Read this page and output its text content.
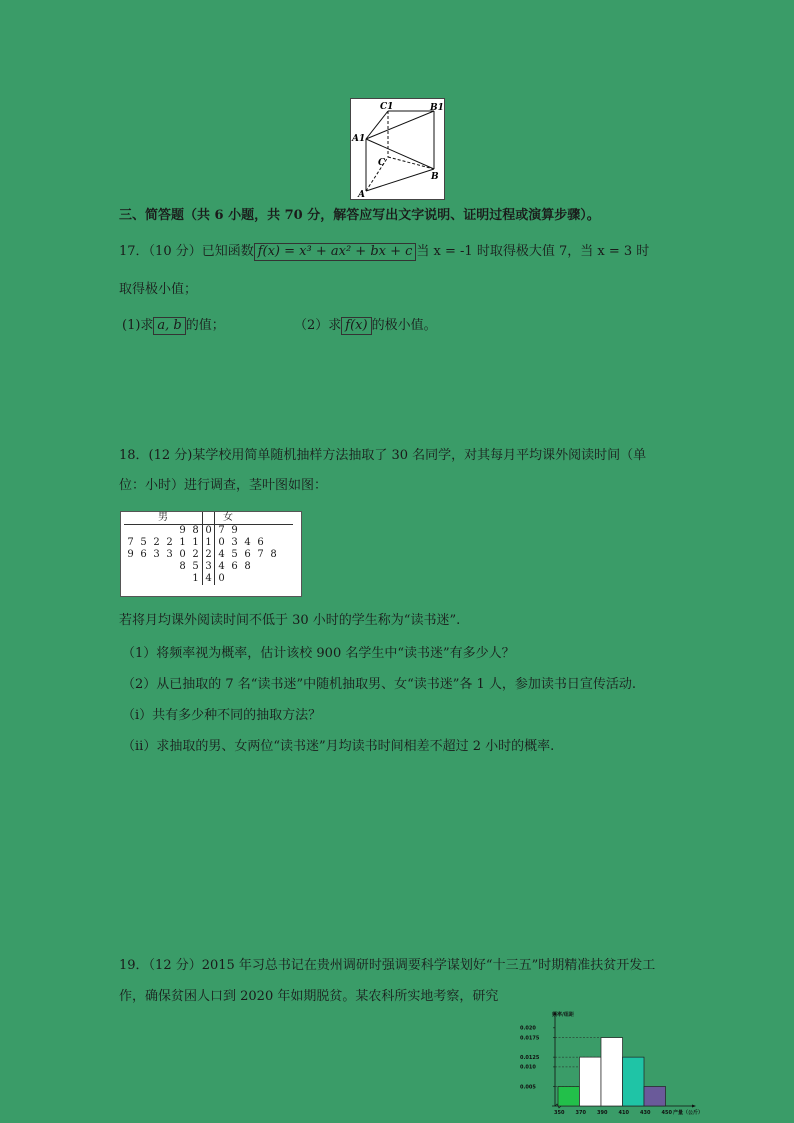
C1	B1
A1
C
B
A
三、简答题（共 6 小题，共 70 分，解答应写出文字说明、证明过程或演算步骤）。
17．（10 分）已知函数 f(x) = x³ + ax² + bx + c 当 x = -1 时取得极大值 7，当 x = 3 时
取得极小值；
(1)求 a, b 的值；	（2）求 f(x) 的极小值。
18．(12 分)某学校用简单随机抽样方法抽取了 30 名同学，对其每月平均课外阅读时间（单
位：小时）进行调查，茎叶图如图：
男							女					
				9	8	0	7	9				
7	5	2	2	1	1	1	0	3	4	6		
9	6	3	3	0	2	2	4	5	6	7	8	
				8	5	3	4	6	8			
					1	4	0					
若将月均课外阅读时间不低于 30 小时的学生称为“读书迷”.
（1）将频率视为概率，估计该校 900 名学生中“读书迷”有多少人？
（2）从已抽取的 7 名“读书迷”中随机抽取男、女“读书迷”各 1 人，参加读书日宣传活动.
（i）共有多少种不同的抽取方法？
（ii）求抽取的男、女两位“读书迷”月均读书时间相差不超过 2 小时的概率.
19．（12 分）2015 年习总书记在贵州调研时强调要科学谋划好“十三五”时期精准扶贫开发工
作，确保贫困人口到 2020 年如期脱贫。某农科所实地考察，研究
频率/组距
产量（公斤）
0.005
0.010
0.0125
0.0175
0.020
350 370 390 410 430 450
